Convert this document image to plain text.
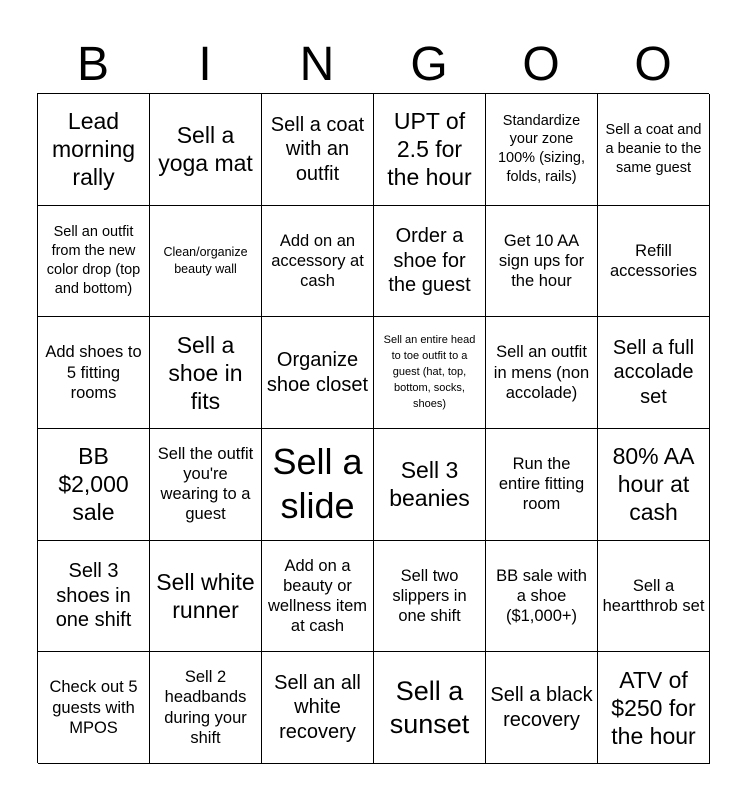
B	I	N	G	O	O
Lead morning rally
Sell a yoga mat
Sell a coat with an outfit
UPT of 2.5 for the hour
Standardize your zone 100% (sizing, folds, rails)
Sell a coat and a beanie to the same guest
Sell an outfit from the new color drop (top and bottom)
Clean/organize beauty wall
Add on an accessory at cash
Order a shoe for the guest
Get 10 AA sign ups for the hour
Refill accessories
Add shoes to 5 fitting rooms
Sell a shoe in fits
Organize shoe closet
Sell an entire head to toe outfit to a guest (hat, top, bottom, socks, shoes)
Sell an outfit in mens (non accolade)
Sell a full accolade set
BB $2,000 sale
Sell the outfit you're wearing to a guest
Sell a slide
Sell 3 beanies
Run the entire fitting room
80% AA hour at cash
Sell 3 shoes in one shift
Sell white runner
Add on a beauty or wellness item at cash
Sell two slippers in one shift
BB sale with a shoe ($1,000+)
Sell a heartthrob set
Check out 5 guests with MPOS
Sell 2 headbands during your shift
Sell an all white recovery
Sell a sunset
Sell a black recovery
ATV of $250 for the hour
